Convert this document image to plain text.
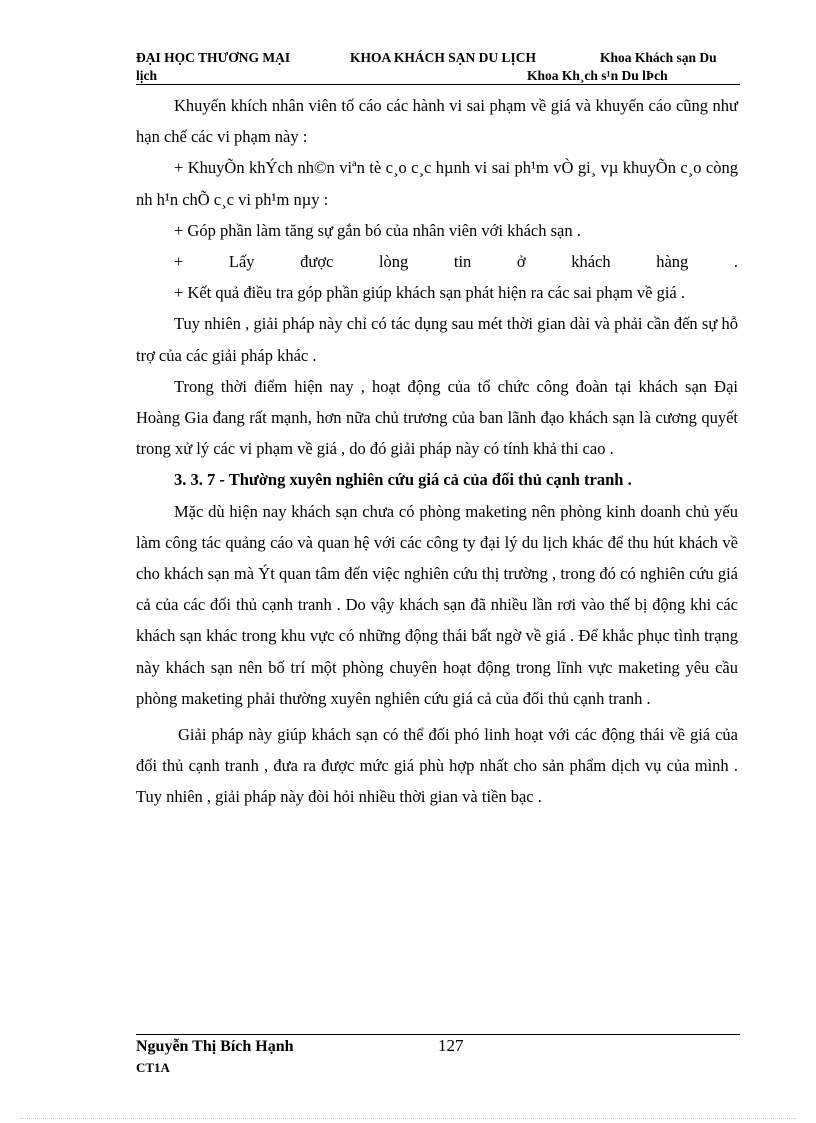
ĐẠI HỌC THƯƠNG MẠI	KHOA KHÁCH SẠN DU LỊCH	Khoa Khách sạn Du
lịch	Khoa Kh¸ch s¹n Du lÞch

Khuyến khích nhân viên tố cáo các hành vi sai phạm về giá và khuyến cáo cũng như hạn chế các vi phạm này :

+ KhuyÕn khÝch nh©n viªn tè c¸o c¸c hµnh vi sai ph¹m vÒ gi¸ vµ khuyÕn c¸o còng nh h¹n chÕ c¸c vi ph¹m nµy :

+ Góp phần làm tăng sự gắn bó của nhân viên với khách sạn .

+ Lấy được lòng tin ở khách hàng .

+ Kết quả điều tra góp phần giúp khách sạn phát hiện ra các sai phạm về giá .

Tuy nhiên , giải pháp này chỉ có tác dụng sau mét thời gian dài và phải cần đến sự hỗ trợ của các giải pháp khác .

Trong thời điểm hiện nay , hoạt động của tổ chức công đoàn tại khách sạn Đại Hoàng Gia đang rất mạnh, hơn nữa chủ trương của ban lãnh đạo khách sạn là cương quyết trong xử lý các vi phạm về giá , do đó giải pháp này có tính khả thi cao .

3. 3. 7 - Thường xuyên nghiên cứu giá cả của đối thủ cạnh tranh .

Mặc dù hiện nay khách sạn chưa có phòng maketing nên phòng kinh doanh chủ yếu làm công tác quảng cáo và quan hệ với các công ty đại lý du lịch khác để thu hút khách về cho khách sạn mà Ýt quan tâm đến việc nghiên cứu thị trường , trong đó có nghiên cứu giá cả của các đối thủ cạnh tranh . Do vậy khách sạn đã nhiều lần rơi vào thế bị động khi các khách sạn khác trong khu vực có những động thái bất ngờ về giá . Để khắc phục tình trạng này khách sạn nên bố trí một phòng chuyên hoạt động trong lĩnh vực maketing yêu cầu phòng maketing phải thường xuyên nghiên cứu giá cả của đối thủ cạnh tranh .

Giải pháp này giúp khách sạn có thể đối phó linh hoạt với các động thái về giá của đối thủ cạnh tranh , đưa ra được mức giá phù hợp nhất cho sản phẩm dịch vụ của mình . Tuy nhiên , giải pháp này đòi hỏi nhiều thời gian và tiền bạc .

Nguyễn Thị Bích Hạnh	127
CT1A
